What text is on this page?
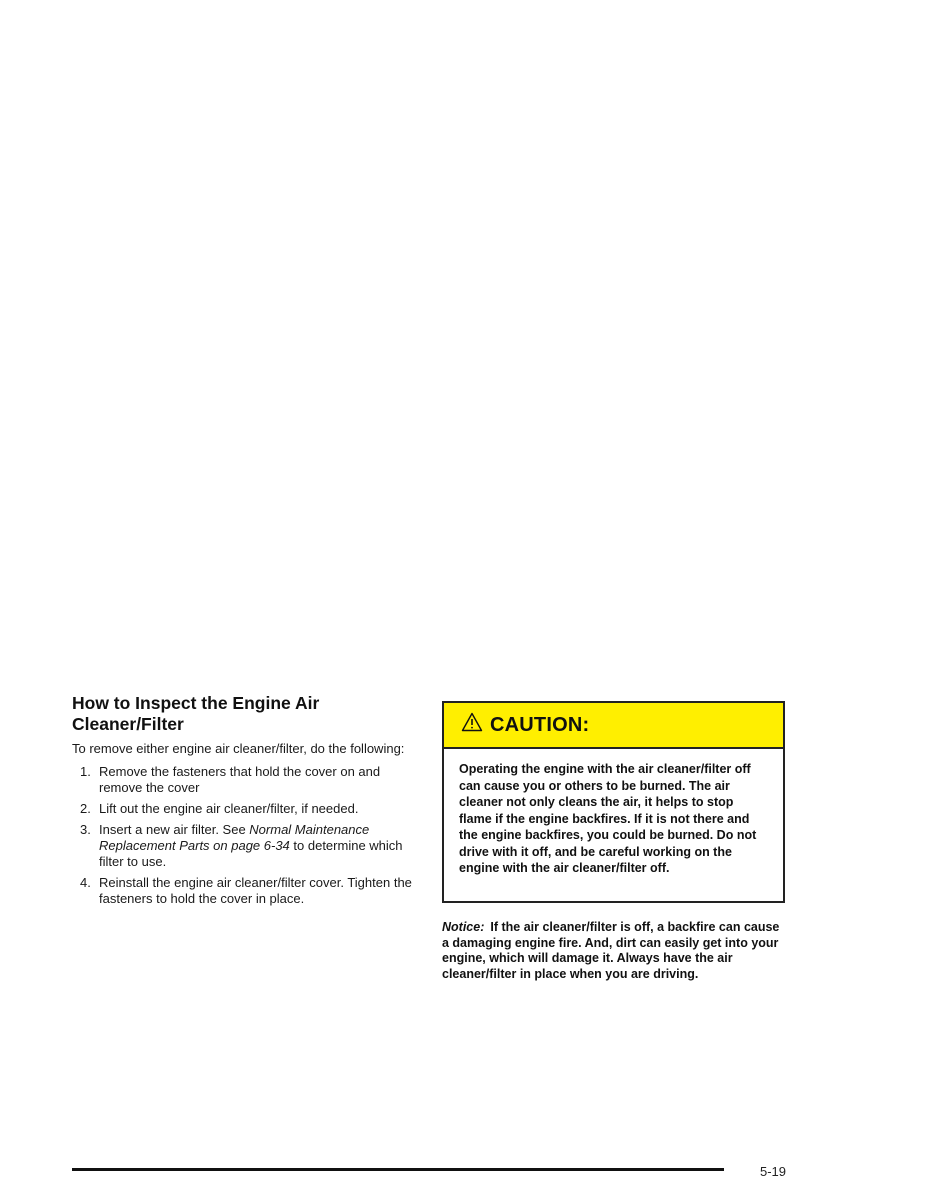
How to Inspect the Engine Air
Cleaner/Filter

To remove either engine air cleaner/filter, do the following:

1. Remove the fasteners that hold the cover on and remove the cover
2. Lift out the engine air cleaner/filter, if needed.
3. Insert a new air filter. See Normal Maintenance Replacement Parts on page 6-34 to determine which filter to use.
4. Reinstall the engine air cleaner/filter cover. Tighten the fasteners to hold the cover in place.
CAUTION:
Operating the engine with the air cleaner/filter off can cause you or others to be burned. The air cleaner not only cleans the air, it helps to stop flame if the engine backfires. If it is not there and the engine backfires, you could be burned. Do not drive with it off, and be careful working on the engine with the air cleaner/filter off.
Notice: If the air cleaner/filter is off, a backfire can cause a damaging engine fire. And, dirt can easily get into your engine, which will damage it. Always have the air cleaner/filter in place when you are driving.
5-19
